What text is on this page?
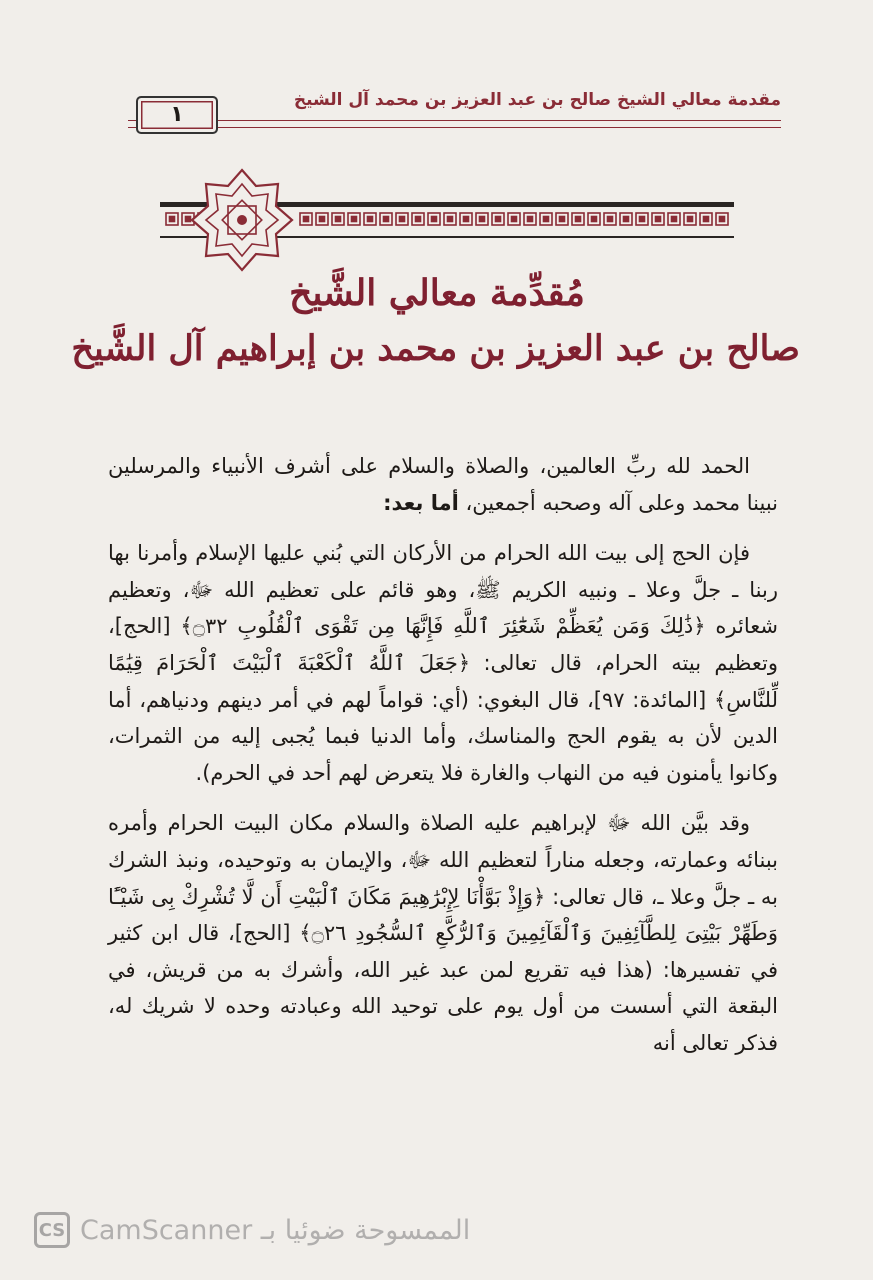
مقدمة معالي الشيخ صالح بن عبد العزيز بن محمد آل الشيخ
١
مُقدِّمة معالي الشَّيخ
صالح بن عبد العزيز بن محمد بن إبراهيم آل الشَّيخ

الحمد لله ربِّ العالمين، والصلاة والسلام على أشرف الأنبياء والمرسلين نبينا محمد وعلى آله وصحبه أجمعين، أما بعد:

فإن الحج إلى بيت الله الحرام من الأركان التي بُني عليها الإسلام وأمرنا بها ربنا ـ جلَّ وعلا ـ ونبيه الكريم ﷺ، وهو قائم على تعظيم الله ﷻ، وتعظيم شعائره ﴿ذَٰلِكَ وَمَن يُعَظِّمْ شَعَٰٓئِرَ ٱللَّهِ فَإِنَّهَا مِن تَقْوَى ٱلْقُلُوبِ ۝٣٢﴾ [الحج]، وتعظيم بيته الحرام، قال تعالى: ﴿جَعَلَ ٱللَّهُ ٱلْكَعْبَةَ ٱلْبَيْتَ ٱلْحَرَامَ قِيَٰمًا لِّلنَّاسِ﴾ [المائدة: ٩٧]، قال البغوي: (أي: قواماً لهم في أمر دينهم ودنياهم، أما الدين لأن به يقوم الحج والمناسك، وأما الدنيا فبما يُجبى إليه من الثمرات، وكانوا يأمنون فيه من النهاب والغارة فلا يتعرض لهم أحد في الحرم).

وقد بيَّن الله ﷻ لإبراهيم عليه الصلاة والسلام مكان البيت الحرام وأمره ببنائه وعمارته، وجعله مناراً لتعظيم الله ﷻ، والإيمان به وتوحيده، ونبذ الشرك به ـ جلَّ وعلا ـ، قال تعالى: ﴿وَإِذْ بَوَّأْنَا لِإِبْرَٰهِيمَ مَكَانَ ٱلْبَيْتِ أَن لَّا تُشْرِكْ بِى شَيْـًٔا وَطَهِّرْ بَيْتِىَ لِلطَّآئِفِينَ وَٱلْقَآئِمِينَ وَٱلرُّكَّعِ ٱلسُّجُودِ ۝٢٦﴾ [الحج]، قال ابن كثير في تفسيرها: (هذا فيه تقريع لمن عبد غير الله، وأشرك به من قريش، في البقعة التي أسست من أول يوم على توحيد الله وعبادته وحده لا شريك له، فذكر تعالى أنه

CS CamScanner الممسوحة ضوئيا بـ
